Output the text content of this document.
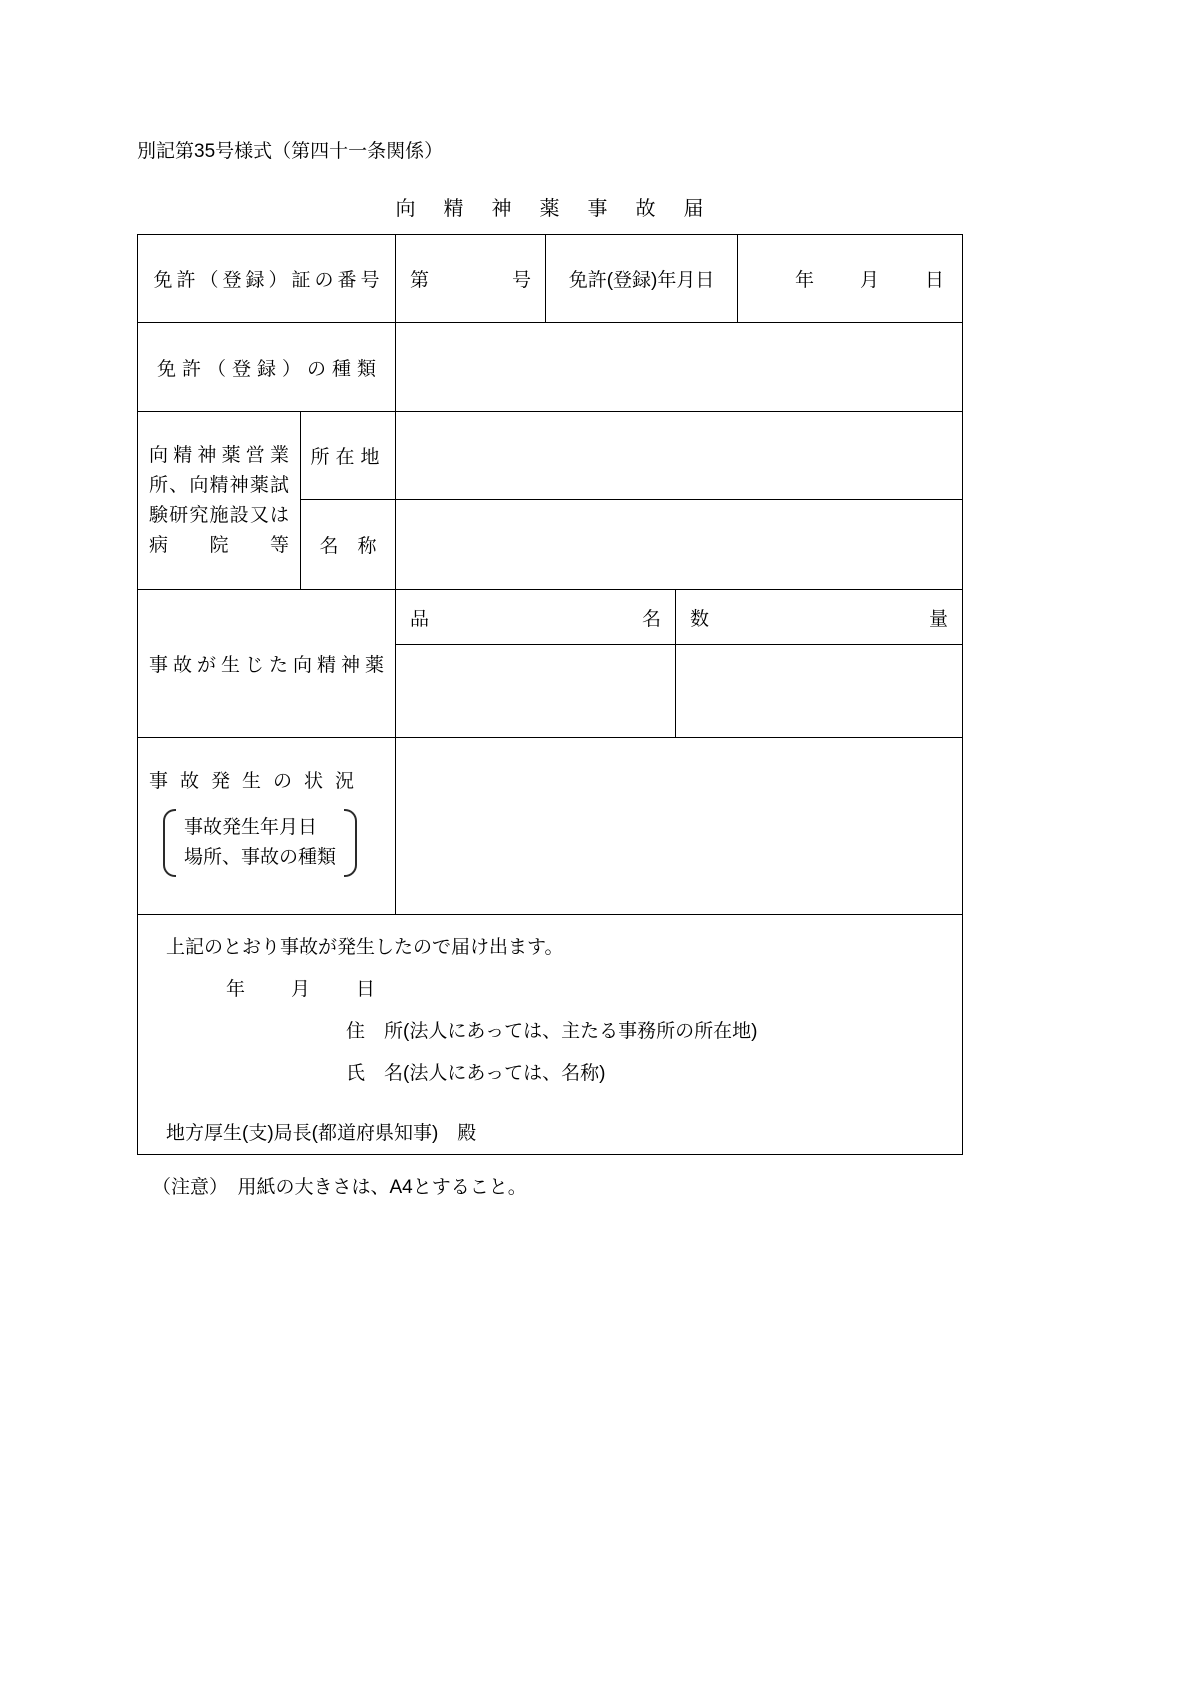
別記第35号様式（第四十一条関係）
向精神薬事故届
免許（登録）証の番号		第 号	免許(登録)年月日		年 月 日

免許（登録）の種類					
向精神薬営業所、向精神薬試験研究施設又は病院等	所在地				
	名　称				
事故が生じた向精神薬		品 名		数 量	

事故発生の状況
事故発生年月日
場所、事故の種類					

上記のとおり事故が発生したので届け出ます。
年 月 日
住　所(法人にあっては、主たる事務所の所在地)
氏　名(法人にあっては、名称)
地方厚生(支)局長(都道府県知事)　殿
（注意）　用紙の大きさは、A4とすること。
